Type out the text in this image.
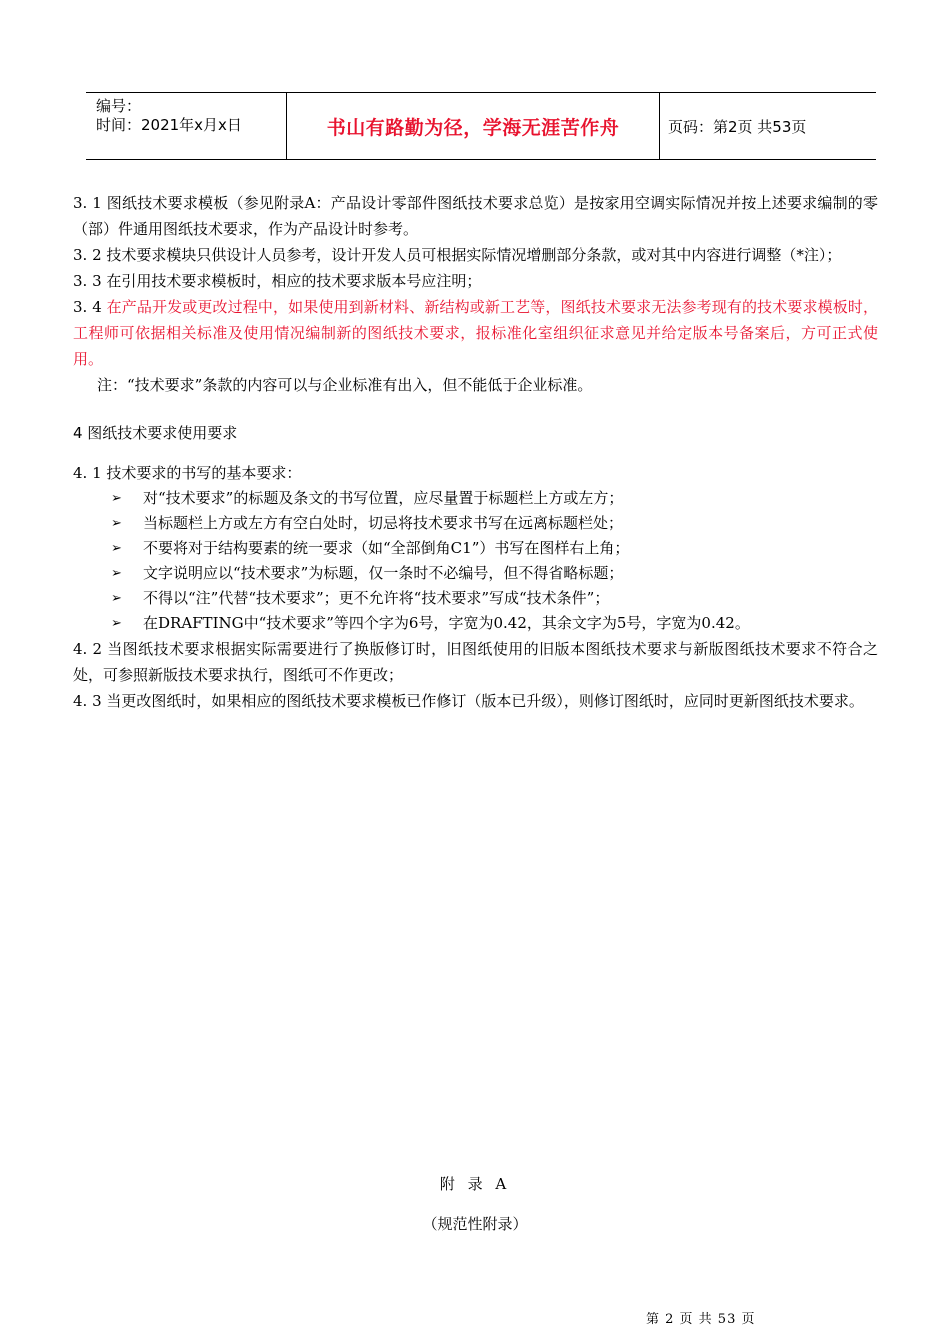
编号：
时间：2021年x月x日	书山有路勤为径，学海无涯苦作舟	页码：第2页 共53页

3. 1 图纸技术要求模板（参见附录A：产品设计零部件图纸技术要求总览）是按家用空调实际情况并按上述要求编制的零（部）件通用图纸技术要求，作为产品设计时参考。

3. 2 技术要求模块只供设计人员参考，设计开发人员可根据实际情况增删部分条款，或对其中内容进行调整（*注）；

3. 3 在引用技术要求模板时，相应的技术要求版本号应注明；

3. 4 在产品开发或更改过程中，如果使用到新材料、新结构或新工艺等，图纸技术要求无法参考现有的技术要求模板时，工程师可依据相关标准及使用情况编制新的图纸技术要求，报标准化室组织征求意见并给定版本号备案后，方可正式使用。

注：“技术要求”条款的内容可以与企业标准有出入，但不能低于企业标准。

4 图纸技术要求使用要求

4. 1 技术要求的书写的基本要求：

➢	对“技术要求”的标题及条文的书写位置，应尽量置于标题栏上方或左方；
➢	当标题栏上方或左方有空白处时，切忌将技术要求书写在远离标题栏处；
➢	不要将对于结构要素的统一要求（如“全部倒角C1”）书写在图样右上角；
➢	文字说明应以“技术要求”为标题，仅一条时不必编号，但不得省略标题；
➢	不得以“注”代替“技术要求”；更不允许将“技术要求”写成“技术条件”；
➢	在DRAFTING中“技术要求”等四个字为6号，字宽为0.42，其余文字为5号，字宽为0.42。

4. 2 当图纸技术要求根据实际需要进行了换版修订时，旧图纸使用的旧版本图纸技术要求与新版图纸技术要求不符合之处，可参照新版技术要求执行，图纸可不作更改；

4. 3 当更改图纸时，如果相应的图纸技术要求模板已作修订（版本已升级），则修订图纸时，应同时更新图纸技术要求。

附 录 A
（规范性附录）
第 2 页 共 53 页
